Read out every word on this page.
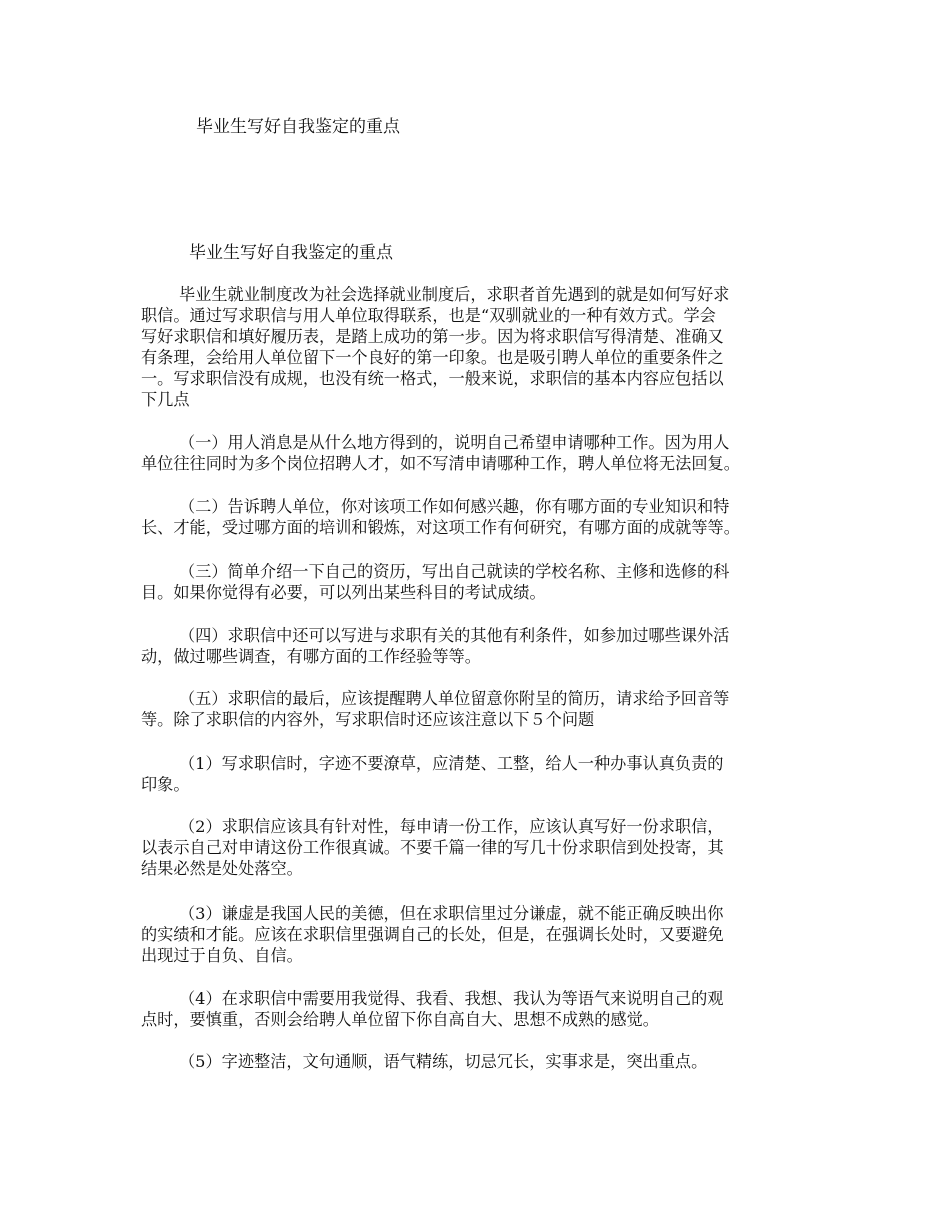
毕业生写好自我鉴定的重点
毕业生写好自我鉴定的重点
毕业生就业制度改为社会选择就业制度后，求职者首先遇到的就是如何写好求
职信。通过写求职信与用人单位取得联系，也是“双驯就业的一种有效方式。学会
写好求职信和填好履历表，是踏上成功的第一步。因为将求职信写得清楚、准确又
有条理，会给用人单位留下一个良好的第一印象。也是吸引聘人单位的重要条件之
一。写求职信没有成规，也没有统一格式，一般来说，求职信的基本内容应包括以
下几点
（一）用人消息是从什么地方得到的，说明自己希望申请哪种工作。因为用人
单位往往同时为多个岗位招聘人才，如不写清申请哪种工作，聘人单位将无法回复。
（二）告诉聘人单位，你对该项工作如何感兴趣，你有哪方面的专业知识和特
长、才能，受过哪方面的培训和锻炼，对这项工作有何研究，有哪方面的成就等等。
（三）简单介绍一下自己的资历，写出自己就读的学校名称、主修和选修的科
目。如果你觉得有必要，可以列出某些科目的考试成绩。
（四）求职信中还可以写进与求职有关的其他有利条件，如参加过哪些课外活
动，做过哪些调查，有哪方面的工作经验等等。
（五）求职信的最后，应该提醒聘人单位留意你附呈的简历，请求给予回音等
等。除了求职信的内容外，写求职信时还应该注意以下５个问题
（1）写求职信时，字迹不要潦草，应清楚、工整，给人一种办事认真负责的
印象。
（2）求职信应该具有针对性，每申请一份工作，应该认真写好一份求职信，
以表示自己对申请这份工作很真诚。不要千篇一律的写几十份求职信到处投寄，其
结果必然是处处落空。
（3）谦虚是我国人民的美德，但在求职信里过分谦虚，就不能正确反映出你
的实绩和才能。应该在求职信里强调自己的长处，但是，在强调长处时，又要避免
出现过于自负、自信。
（4）在求职信中需要用我觉得、我看、我想、我认为等语气来说明自己的观
点时，要慎重，否则会给聘人单位留下你自高自大、思想不成熟的感觉。
（5）字迹整洁，文句通顺，语气精练，切忌冗长，实事求是，突出重点。
